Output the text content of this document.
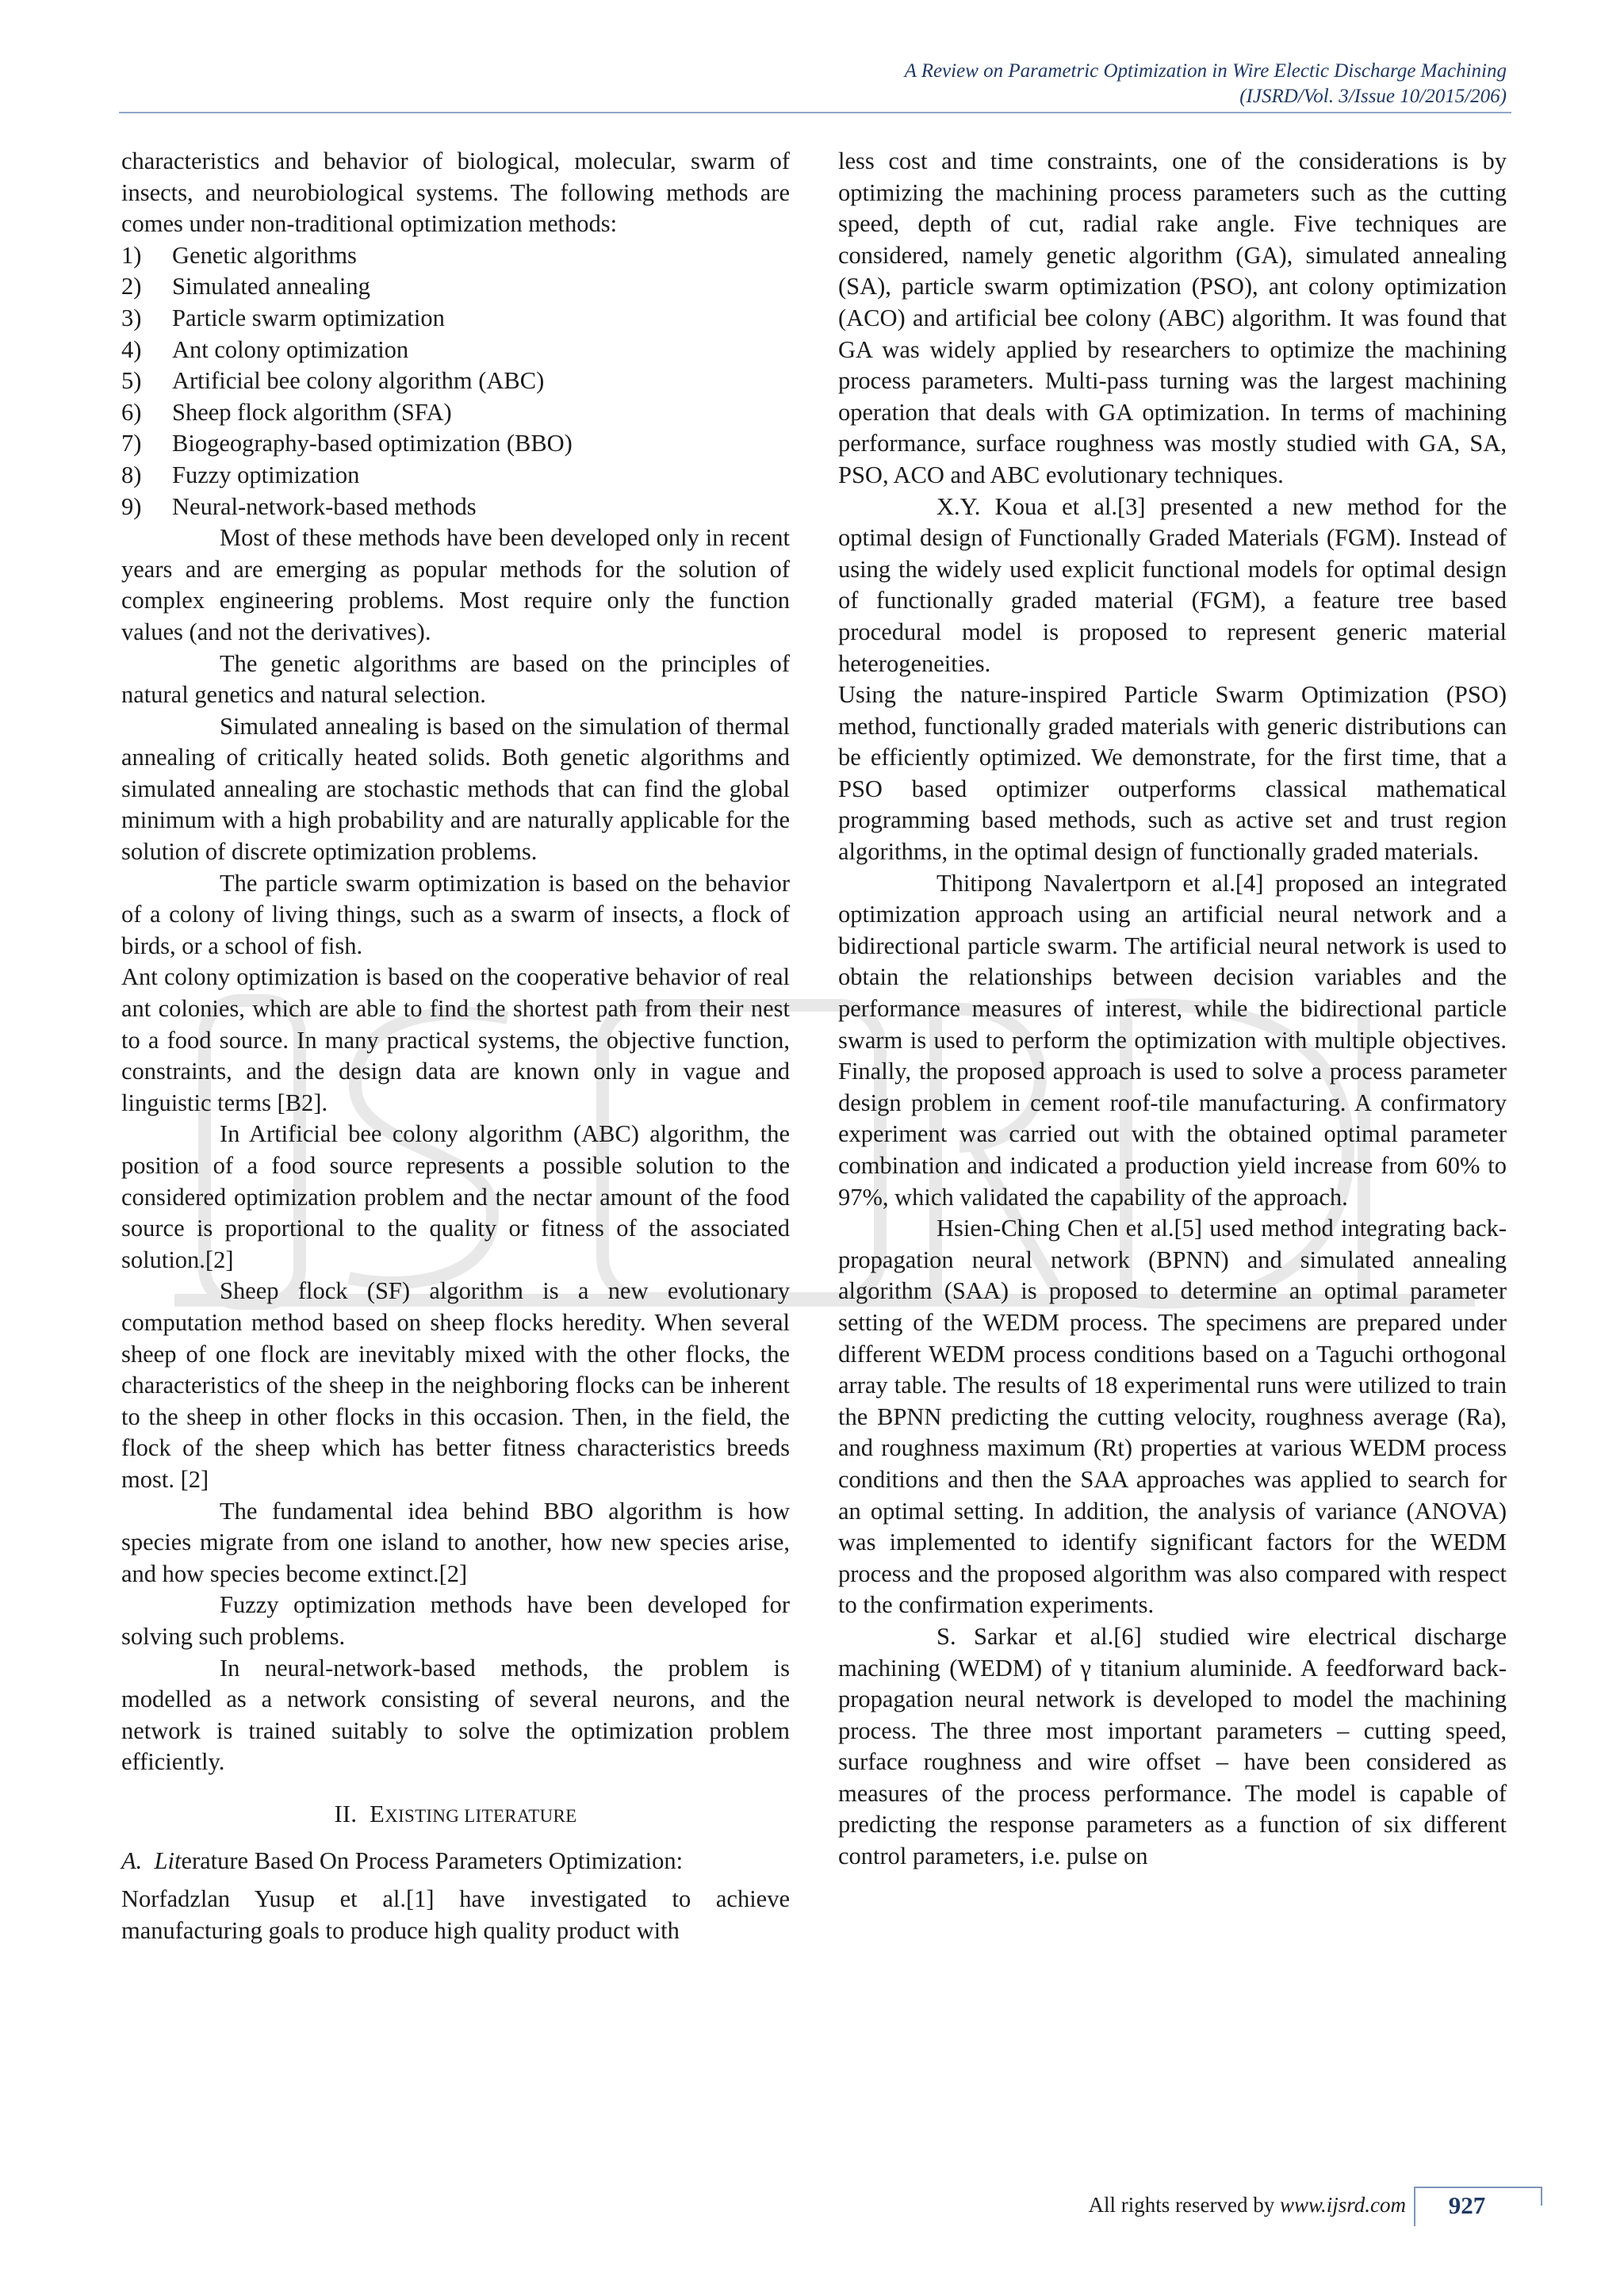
A Review on Parametric Optimization in Wire Electic Discharge Machining
(IJSRD/Vol. 3/Issue 10/2015/206)

characteristics and behavior of biological, molecular, swarm of insects, and neurobiological systems. The following methods are comes under non-traditional optimization methods:

1)	Genetic algorithms
2)	Simulated annealing
3)	Particle swarm optimization
4)	Ant colony optimization
5)	Artificial bee colony algorithm (ABC)
6)	Sheep flock algorithm (SFA)
7)	Biogeography-based optimization (BBO)
8)	Fuzzy optimization
9)	Neural-network-based methods

Most of these methods have been developed only in recent years and are emerging as popular methods for the solution of complex engineering problems. Most require only the function values (and not the derivatives).

The genetic algorithms are based on the principles of natural genetics and natural selection.

Simulated annealing is based on the simulation of thermal annealing of critically heated solids. Both genetic algorithms and simulated annealing are stochastic methods that can find the global minimum with a high probability and are naturally applicable for the solution of discrete optimization problems.

The particle swarm optimization is based on the behavior of a colony of living things, such as a swarm of insects, a flock of birds, or a school of fish.

Ant colony optimization is based on the cooperative behavior of real ant colonies, which are able to find the shortest path from their nest to a food source. In many practical systems, the objective function, constraints, and the design data are known only in vague and linguistic terms [B2].

In Artificial bee colony algorithm (ABC) algorithm, the position of a food source represents a possible solution to the considered optimization problem and the nectar amount of the food source is proportional to the quality or fitness of the associated solution.[2]

Sheep flock (SF) algorithm is a new evolutionary computation method based on sheep flocks heredity. When several sheep of one flock are inevitably mixed with the other flocks, the characteristics of the sheep in the neighboring flocks can be inherent to the sheep in other flocks in this occasion. Then, in the field, the flock of the sheep which has better fitness characteristics breeds most. [2]

The fundamental idea behind BBO algorithm is how species migrate from one island to another, how new species arise, and how species become extinct.[2]

Fuzzy optimization methods have been developed for solving such problems.

In neural-network-based methods, the problem is modelled as a network consisting of several neurons, and the network is trained suitably to solve the optimization problem efficiently.

II. EXISTING LITERATURE

A. Literature Based On Process Parameters Optimization:

Norfadzlan Yusup et al.[1] have investigated to achieve manufacturing goals to produce high quality product with

less cost and time constraints, one of the considerations is by optimizing the machining process parameters such as the cutting speed, depth of cut, radial rake angle. Five techniques are considered, namely genetic algorithm (GA), simulated annealing (SA), particle swarm optimization (PSO), ant colony optimization (ACO) and artificial bee colony (ABC) algorithm. It was found that GA was widely applied by researchers to optimize the machining process parameters. Multi-pass turning was the largest machining operation that deals with GA optimization. In terms of machining performance, surface roughness was mostly studied with GA, SA, PSO, ACO and ABC evolutionary techniques.

X.Y. Koua et al.[3] presented a new method for the optimal design of Functionally Graded Materials (FGM). Instead of using the widely used explicit functional models for optimal design of functionally graded material (FGM), a feature tree based procedural model is proposed to represent generic material heterogeneities.

Using the nature-inspired Particle Swarm Optimization (PSO) method, functionally graded materials with generic distributions can be efficiently optimized. We demonstrate, for the first time, that a PSO based optimizer outperforms classical mathematical programming based methods, such as active set and trust region algorithms, in the optimal design of functionally graded materials.

Thitipong Navalertporn et al.[4] proposed an integrated optimization approach using an artificial neural network and a bidirectional particle swarm. The artificial neural network is used to obtain the relationships between decision variables and the performance measures of interest, while the bidirectional particle swarm is used to perform the optimization with multiple objectives. Finally, the proposed approach is used to solve a process parameter design problem in cement roof-tile manufacturing. A confirmatory experiment was carried out with the obtained optimal parameter combination and indicated a production yield increase from 60% to 97%, which validated the capability of the approach.

Hsien-Ching Chen et al.[5] used method integrating back-propagation neural network (BPNN) and simulated annealing algorithm (SAA) is proposed to determine an optimal parameter setting of the WEDM process. The specimens are prepared under different WEDM process conditions based on a Taguchi orthogonal array table. The results of 18 experimental runs were utilized to train the BPNN predicting the cutting velocity, roughness average (Ra), and roughness maximum (Rt) properties at various WEDM process conditions and then the SAA approaches was applied to search for an optimal setting. In addition, the analysis of variance (ANOVA) was implemented to identify significant factors for the WEDM process and the proposed algorithm was also compared with respect to the confirmation experiments.

S. Sarkar et al.[6] studied wire electrical discharge machining (WEDM) of γ titanium aluminide. A feedforward back-propagation neural network is developed to model the machining process. The three most important parameters – cutting speed, surface roughness and wire offset – have been considered as measures of the process performance. The model is capable of predicting the response parameters as a function of six different control parameters, i.e. pulse on

All rights reserved by www.ijsrd.com	927
